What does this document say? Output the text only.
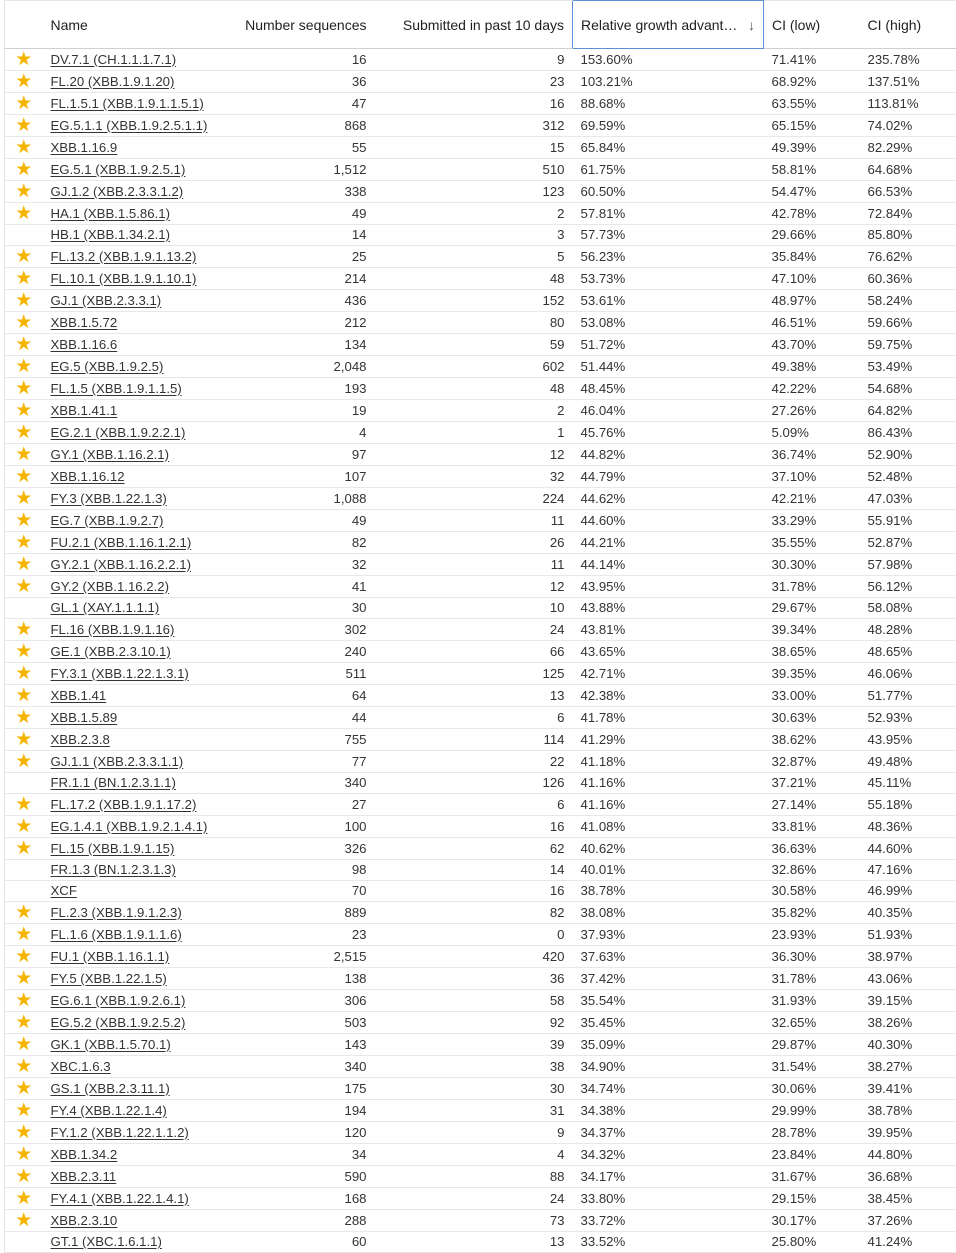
	Name	Number sequences	Submitted in past 10 days	Relative growth advant… ↓	CI (low)	CI (high)
★	DV.7.1 (CH.1.1.1.7.1)	16	9	153.60%	71.41%	235.78%
★	FL.20 (XBB.1.9.1.20)	36	23	103.21%	68.92%	137.51%
★	FL.1.5.1 (XBB.1.9.1.1.5.1)	47	16	88.68%	63.55%	113.81%
★	EG.5.1.1 (XBB.1.9.2.5.1.1)	868	312	69.59%	65.15%	74.02%
★	XBB.1.16.9	55	15	65.84%	49.39%	82.29%
★	EG.5.1 (XBB.1.9.2.5.1)	1,512	510	61.75%	58.81%	64.68%
★	GJ.1.2 (XBB.2.3.3.1.2)	338	123	60.50%	54.47%	66.53%
★	HA.1 (XBB.1.5.86.1)	49	2	57.81%	42.78%	72.84%
	HB.1 (XBB.1.34.2.1)	14	3	57.73%	29.66%	85.80%
★	FL.13.2 (XBB.1.9.1.13.2)	25	5	56.23%	35.84%	76.62%
★	FL.10.1 (XBB.1.9.1.10.1)	214	48	53.73%	47.10%	60.36%
★	GJ.1 (XBB.2.3.3.1)	436	152	53.61%	48.97%	58.24%
★	XBB.1.5.72	212	80	53.08%	46.51%	59.66%
★	XBB.1.16.6	134	59	51.72%	43.70%	59.75%
★	EG.5 (XBB.1.9.2.5)	2,048	602	51.44%	49.38%	53.49%
★	FL.1.5 (XBB.1.9.1.1.5)	193	48	48.45%	42.22%	54.68%
★	XBB.1.41.1	19	2	46.04%	27.26%	64.82%
★	EG.2.1 (XBB.1.9.2.2.1)	4	1	45.76%	5.09%	86.43%
★	GY.1 (XBB.1.16.2.1)	97	12	44.82%	36.74%	52.90%
★	XBB.1.16.12	107	32	44.79%	37.10%	52.48%
★	FY.3 (XBB.1.22.1.3)	1,088	224	44.62%	42.21%	47.03%
★	EG.7 (XBB.1.9.2.7)	49	11	44.60%	33.29%	55.91%
★	FU.2.1 (XBB.1.16.1.2.1)	82	26	44.21%	35.55%	52.87%
★	GY.2.1 (XBB.1.16.2.2.1)	32	11	44.14%	30.30%	57.98%
★	GY.2 (XBB.1.16.2.2)	41	12	43.95%	31.78%	56.12%
	GL.1 (XAY.1.1.1.1)	30	10	43.88%	29.67%	58.08%
★	FL.16 (XBB.1.9.1.16)	302	24	43.81%	39.34%	48.28%
★	GE.1 (XBB.2.3.10.1)	240	66	43.65%	38.65%	48.65%
★	FY.3.1 (XBB.1.22.1.3.1)	511	125	42.71%	39.35%	46.06%
★	XBB.1.41	64	13	42.38%	33.00%	51.77%
★	XBB.1.5.89	44	6	41.78%	30.63%	52.93%
★	XBB.2.3.8	755	114	41.29%	38.62%	43.95%
★	GJ.1.1 (XBB.2.3.3.1.1)	77	22	41.18%	32.87%	49.48%
	FR.1.1 (BN.1.2.3.1.1)	340	126	41.16%	37.21%	45.11%
★	FL.17.2 (XBB.1.9.1.17.2)	27	6	41.16%	27.14%	55.18%
★	EG.1.4.1 (XBB.1.9.2.1.4.1)	100	16	41.08%	33.81%	48.36%
★	FL.15 (XBB.1.9.1.15)	326	62	40.62%	36.63%	44.60%
	FR.1.3 (BN.1.2.3.1.3)	98	14	40.01%	32.86%	47.16%
	XCF	70	16	38.78%	30.58%	46.99%
★	FL.2.3 (XBB.1.9.1.2.3)	889	82	38.08%	35.82%	40.35%
★	FL.1.6 (XBB.1.9.1.1.6)	23	0	37.93%	23.93%	51.93%
★	FU.1 (XBB.1.16.1.1)	2,515	420	37.63%	36.30%	38.97%
★	FY.5 (XBB.1.22.1.5)	138	36	37.42%	31.78%	43.06%
★	EG.6.1 (XBB.1.9.2.6.1)	306	58	35.54%	31.93%	39.15%
★	EG.5.2 (XBB.1.9.2.5.2)	503	92	35.45%	32.65%	38.26%
★	GK.1 (XBB.1.5.70.1)	143	39	35.09%	29.87%	40.30%
★	XBC.1.6.3	340	38	34.90%	31.54%	38.27%
★	GS.1 (XBB.2.3.11.1)	175	30	34.74%	30.06%	39.41%
★	FY.4 (XBB.1.22.1.4)	194	31	34.38%	29.99%	38.78%
★	FY.1.2 (XBB.1.22.1.1.2)	120	9	34.37%	28.78%	39.95%
★	XBB.1.34.2	34	4	34.32%	23.84%	44.80%
★	XBB.2.3.11	590	88	34.17%	31.67%	36.68%
★	FY.4.1 (XBB.1.22.1.4.1)	168	24	33.80%	29.15%	38.45%
★	XBB.2.3.10	288	73	33.72%	30.17%	37.26%
	GT.1 (XBC.1.6.1.1)	60	13	33.52%	25.80%	41.24%
